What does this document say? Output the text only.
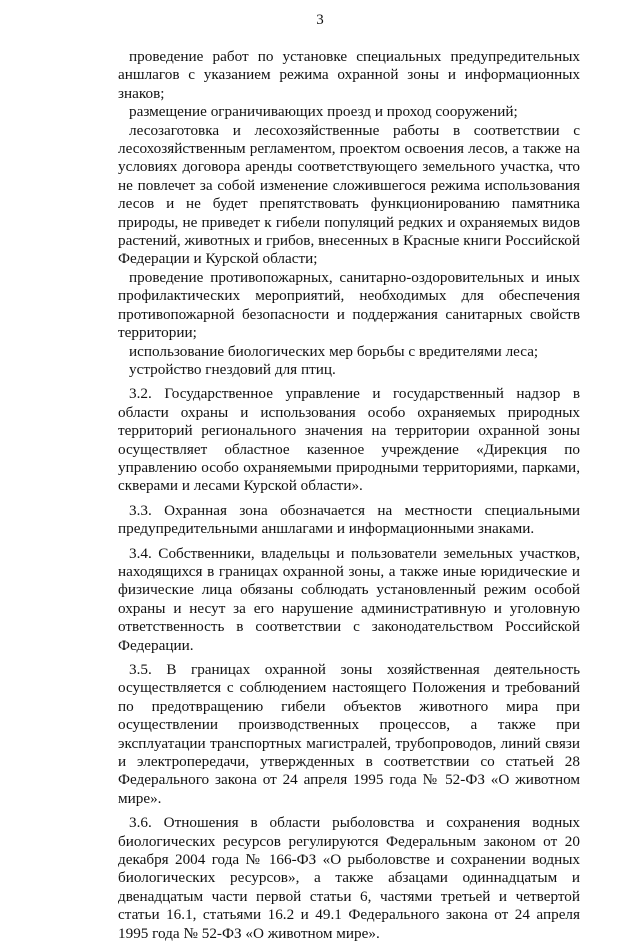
3

проведение работ по установке специальных предупредительных аншлагов с указанием режима охранной зоны и информационных знаков;

размещение ограничивающих проезд и проход сооружений;

лесозаготовка и лесохозяйственные работы в соответствии с лесохозяйственным регламентом, проектом освоения лесов, а также на условиях договора аренды соответствующего земельного участка, что не повлечет за собой изменение сложившегося режима использования лесов и не будет препятствовать функционированию памятника природы, не приведет к гибели популяций редких и охраняемых видов растений, животных и грибов, внесенных в Красные книги Российской Федерации и Курской области;

проведение противопожарных, санитарно-оздоровительных и иных профилактических мероприятий, необходимых для обеспечения противопожарной безопасности и поддержания санитарных свойств территории;

использование биологических мер борьбы с вредителями леса;

устройство гнездовий для птиц.

3.2. Государственное управление и государственный надзор в области охраны и использования особо охраняемых природных территорий регионального значения на территории охранной зоны осуществляет областное казенное учреждение «Дирекция по управлению особо охраняемыми природными территориями, парками, скверами и лесами Курской области».

3.3. Охранная зона обозначается на местности специальными предупредительными аншлагами и информационными знаками.

3.4. Собственники, владельцы и пользователи земельных участков, находящихся в границах охранной зоны, а также иные юридические и физические лица обязаны соблюдать установленный режим особой охраны и несут за его нарушение административную и уголовную ответственность в соответствии с законодательством Российской Федерации.

3.5. В границах охранной зоны хозяйственная деятельность осуществляется с соблюдением настоящего Положения и требований по предотвращению гибели объектов животного мира при осуществлении производственных процессов, а также при эксплуатации транспортных магистралей, трубопроводов, линий связи и электропередачи, утвержденных в соответствии со статьей 28 Федерального закона от 24 апреля 1995 года № 52-ФЗ «О животном мире».

3.6. Отношения в области рыболовства и сохранения водных биологических ресурсов регулируются Федеральным законом от 20 декабря 2004 года № 166-ФЗ «О рыболовстве и сохранении водных биологических ресурсов», а также абзацами одиннадцатым и двенадцатым части первой статьи 6, частями третьей и четвертой статьи 16.1, статьями 16.2 и 49.1 Федерального закона от 24 апреля 1995 года № 52-ФЗ «О животном мире».
